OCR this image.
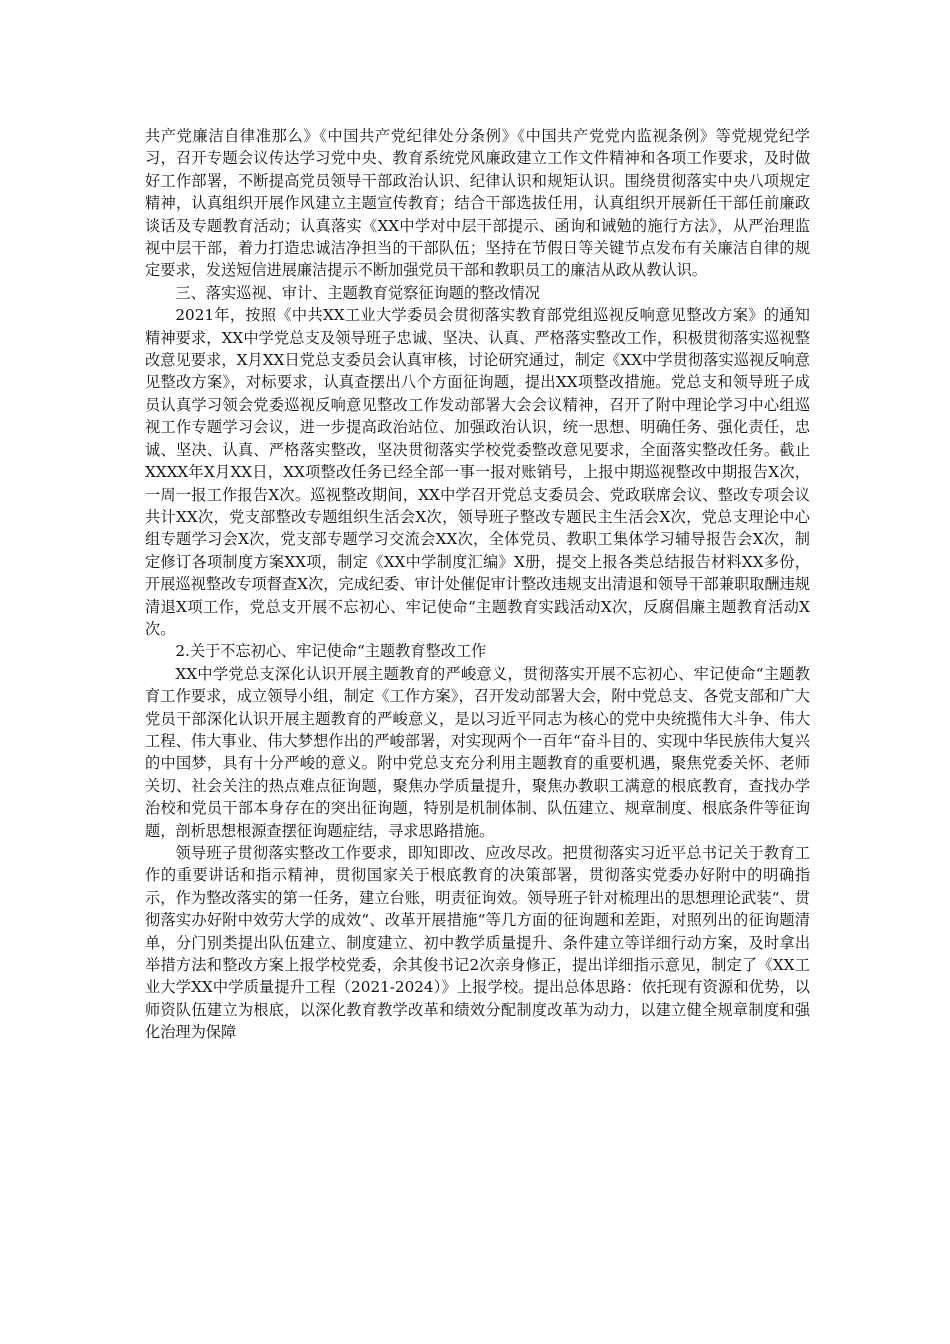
共产党廉洁自律准那么》《中国共产党纪律处分条例》《中国共产党党内监视条例》等党规党纪学习，召开专题会议传达学习党中央、教育系统党风廉政建立工作文件精神和各项工作要求，及时做好工作部署，不断提高党员领导干部政治认识、纪律认识和规矩认识。围绕贯彻落实中央八项规定精神，认真组织开展作风建立主题宣传教育；结合干部选拔任用，认真组织开展新任干部任前廉政谈话及专题教育活动；认真落实《XX中学对中层干部提示、函询和诫勉的施行方法》，从严治理监视中层干部，着力打造忠诚洁净担当的干部队伍；坚持在节假日等关键节点发布有关廉洁自律的规定要求，发送短信进展廉洁提示不断加强党员干部和教职员工的廉洁从政从教认识。

三、落实巡视、审计、主题教育觉察征询题的整改情况

2021年，按照《中共XX工业大学委员会贯彻落实教育部党组巡视反响意见整改方案》的通知精神要求，XX中学党总支及领导班子忠诚、坚决、认真、严格落实整改工作，积极贯彻落实巡视整改意见要求，X月XX日党总支委员会认真审核，讨论研究通过，制定《XX中学贯彻落实巡视反响意见整改方案》，对标要求，认真查摆出八个方面征询题，提出XX项整改措施。党总支和领导班子成员认真学习领会党委巡视反响意见整改工作发动部署大会会议精神，召开了附中理论学习中心组巡视工作专题学习会议，进一步提高政治站位、加强政治认识，统一思想、明确任务、强化责任，忠诚、坚决、认真、严格落实整改，坚决贯彻落实学校党委整改意见要求，全面落实整改任务。截止XXXX年X月XX日，XX项整改任务已经全部一事一报对账销号，上报中期巡视整改中期报告X次，一周一报工作报告X次。巡视整改期间，XX中学召开党总支委员会、党政联席会议、整改专项会议共计XX次，党支部整改专题组织生活会X次，领导班子整改专题民主生活会X次，党总支理论中心组专题学习会X次，党支部专题学习交流会XX次，全体党员、教职工集体学习辅导报告会X次，制定修订各项制度方案XX项，制定《XX中学制度汇编》X册，提交上报各类总结报告材料XX多份，开展巡视整改专项督查X次，完成纪委、审计处催促审计整改违规支出清退和领导干部兼职取酬违规清退X项工作，党总支开展不忘初心、牢记使命“主题教育实践活动X次，反腐倡廉主题教育活动X次。

2.关于不忘初心、牢记使命“主题教育整改工作

XX中学党总支深化认识开展主题教育的严峻意义，贯彻落实开展不忘初心、牢记使命“主题教育工作要求，成立领导小组，制定《工作方案》，召开发动部署大会，附中党总支、各党支部和广大党员干部深化认识开展主题教育的严峻意义，是以习近平同志为核心的党中央统揽伟大斗争、伟大工程、伟大事业、伟大梦想作出的严峻部署，对实现两个一百年“奋斗目的、实现中华民族伟大复兴的中国梦，具有十分严峻的意义。附中党总支充分利用主题教育的重要机遇，聚焦党委关怀、老师关切、社会关注的热点难点征询题，聚焦办学质量提升，聚焦办教职工满意的根底教育，查找办学治校和党员干部本身存在的突出征询题，特别是机制体制、队伍建立、规章制度、根底条件等征询题，剖析思想根源查摆征询题症结，寻求思路措施。

领导班子贯彻落实整改工作要求，即知即改、应改尽改。把贯彻落实习近平总书记关于教育工作的重要讲话和指示精神，贯彻国家关于根底教育的决策部署，贯彻落实党委办好附中的明确指示，作为整改落实的第一任务，建立台账，明责征询效。领导班子针对梳理出的思想理论武装“、贯彻落实办好附中效劳大学的成效“、改革开展措施“等几方面的征询题和差距，对照列出的征询题清单，分门别类提出队伍建立、制度建立、初中教学质量提升、条件建立等详细行动方案，及时拿出举措方法和整改方案上报学校党委，余其俊书记2次亲身修正，提出详细指示意见，制定了《XX工业大学XX中学质量提升工程（2021-2024）》上报学校。提出总体思路：依托现有资源和优势，以师资队伍建立为根底，以深化教育教学改革和绩效分配制度改革为动力，以建立健全规章制度和强化治理为保障
